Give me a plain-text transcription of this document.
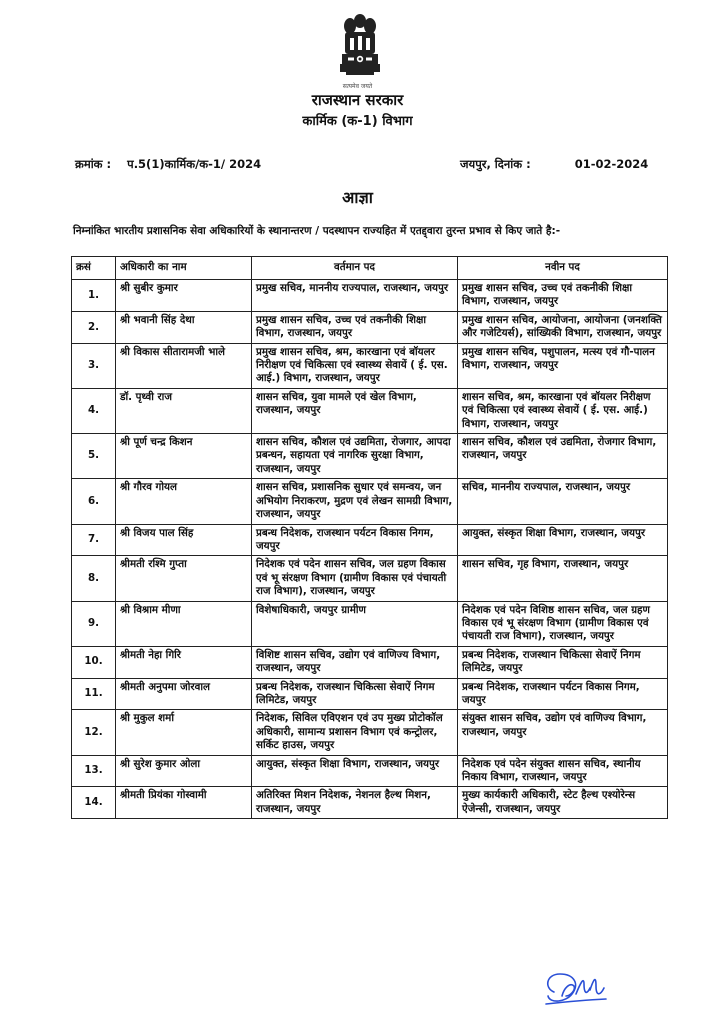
सत्यमेव जयते
राजस्थान सरकार
कार्मिक (क-1) विभाग
क्रमांक : प.5(1)कार्मिक/क-1/ 2024	जयपुर, दिनांक :	01-02-2024
आज्ञा
निम्नांकित भारतीय प्रशासनिक सेवा अधिकारियों के स्थानान्तरण / पदस्थापन राज्यहित में एतद्द्वारा तुरन्त प्रभाव से किए जाते है:-
क्रसं	अधिकारी का नाम	वर्तमान पद	नवीन पद
1.	श्री सुबीर कुमार	प्रमुख सचिव, माननीय राज्यपाल, राजस्थान, जयपुर	प्रमुख शासन सचिव, उच्च एवं तकनीकी शिक्षा विभाग, राजस्थान, जयपुर
2.	श्री भवानी सिंह देथा	प्रमुख शासन सचिव, उच्च एवं तकनीकी शिक्षा विभाग, राजस्थान, जयपुर	प्रमुख शासन सचिव, आयोजना, आयोजना (जनशक्ति और गजेटियर्स), सांख्यिकी विभाग, राजस्थान, जयपुर
3.	श्री विकास सीतारामजी भाले	प्रमुख शासन सचिव, श्रम, कारखाना एवं बॉयलर निरीक्षण एवं चिकित्सा एवं स्वास्थ्य सेवायें ( ई. एस. आई.) विभाग, राजस्थान, जयपुर	प्रमुख शासन सचिव, पशुपालन, मत्स्य एवं गौ-पालन विभाग, राजस्थान, जयपुर
4.	डॉ. पृथ्वी राज	शासन सचिव, युवा मामले एवं खेल विभाग, राजस्थान, जयपुर	शासन सचिव, श्रम, कारखाना एवं बॉयलर निरीक्षण एवं चिकित्सा एवं स्वास्थ्य सेवायें ( ई. एस. आई.) विभाग, राजस्थान, जयपुर
5.	श्री पूर्ण चन्द्र किशन	शासन सचिव, कौशल एवं उद्यमिता, रोजगार, आपदा प्रबन्धन, सहायता एवं नागरिक सुरक्षा विभाग, राजस्थान, जयपुर	शासन सचिव, कौशल एवं उद्यमिता, रोजगार विभाग, राजस्थान, जयपुर
6.	श्री गौरव गोयल	शासन सचिव, प्रशासनिक सुधार एवं समन्वय, जन अभियोग निराकरण, मुद्रण एवं लेखन सामग्री विभाग, राजस्थान, जयपुर	सचिव, माननीय राज्यपाल, राजस्थान, जयपुर
7.	श्री विजय पाल सिंह	प्रबन्ध निदेशक, राजस्थान पर्यटन विकास निगम, जयपुर	आयुक्त, संस्कृत शिक्षा विभाग, राजस्थान, जयपुर
8.	श्रीमती रश्मि गुप्ता	निदेशक एवं पदेन शासन सचिव, जल ग्रहण विकास एवं भू संरक्षण विभाग (ग्रामीण विकास एवं पंचायती राज विभाग), राजस्थान, जयपुर	शासन सचिव, गृह विभाग, राजस्थान, जयपुर
9.	श्री विश्राम मीणा	विशेषाधिकारी, जयपुर ग्रामीण	निदेशक एवं पदेन विशिष्ठ शासन सचिव, जल ग्रहण विकास एवं भू संरक्षण विभाग (ग्रामीण विकास एवं पंचायती राज विभाग), राजस्थान, जयपुर
10.	श्रीमती नेहा गिरि	विशिष्ट शासन सचिव, उद्योग एवं वाणिज्य विभाग, राजस्थान, जयपुर	प्रबन्ध निदेशक, राजस्थान चिकित्सा सेवाऐं निगम लिमिटेड, जयपुर
11.	श्रीमती अनुपमा जोरवाल	प्रबन्ध निदेशक, राजस्थान चिकित्सा सेवाऐं निगम लिमिटेड, जयपुर	प्रबन्ध निदेशक, राजस्थान पर्यटन विकास निगम, जयपुर
12.	श्री मुकुल शर्मा	निदेशक, सिविल एविएशन एवं उप मुख्य प्रोटोकॉल अधिकारी, सामान्य प्रशासन विभाग एवं कन्ट्रोलर, सर्किट हाउस, जयपुर	संयुक्त शासन सचिव, उद्योग एवं वाणिज्य विभाग, राजस्थान, जयपुर
13.	श्री सुरेश कुमार ओला	आयुक्त, संस्कृत शिक्षा विभाग, राजस्थान, जयपुर	निदेशक एवं पदेन संयुक्त शासन सचिव, स्थानीय निकाय विभाग, राजस्थान, जयपुर
14.	श्रीमती प्रियंका गोस्वामी	अतिरिक्त मिशन निदेशक, नेशनल हैल्थ मिशन, राजस्थान, जयपुर	मुख्य कार्यकारी अधिकारी, स्टेट हैल्थ एश्योरेन्स ऐजेन्सी, राजस्थान, जयपुर
